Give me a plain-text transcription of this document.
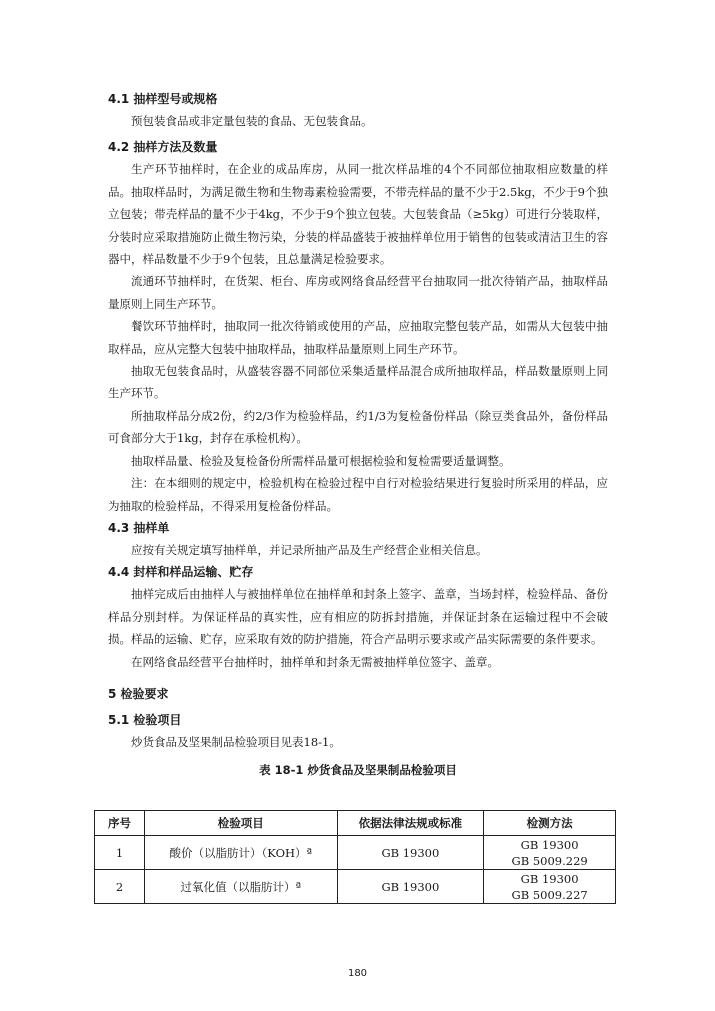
4.1 抽样型号或规格

预包装食品或非定量包装的食品、无包装食品。

4.2 抽样方法及数量

生产环节抽样时，在企业的成品库房，从同一批次样品堆的4个不同部位抽取相应数量的样品。抽取样品时，为满足微生物和生物毒素检验需要，不带壳样品的量不少于2.5kg，不少于9个独立包装；带壳样品的量不少于4kg，不少于9个独立包装。大包装食品（≥5kg）可进行分装取样，分装时应采取措施防止微生物污染，分装的样品盛装于被抽样单位用于销售的包装或清洁卫生的容器中，样品数量不少于9个包装，且总量满足检验要求。

流通环节抽样时，在货架、柜台、库房或网络食品经营平台抽取同一批次待销产品，抽取样品量原则上同生产环节。

餐饮环节抽样时，抽取同一批次待销或使用的产品，应抽取完整包装产品，如需从大包装中抽取样品，应从完整大包装中抽取样品，抽取样品量原则上同生产环节。

抽取无包装食品时，从盛装容器不同部位采集适量样品混合成所抽取样品，样品数量原则上同生产环节。

所抽取样品分成2份，约2/3作为检验样品，约1/3为复检备份样品（除豆类食品外，备份样品可食部分大于1kg，封存在承检机构）。

抽取样品量、检验及复检备份所需样品量可根据检验和复检需要适量调整。

注：在本细则的规定中，检验机构在检验过程中自行对检验结果进行复验时所采用的样品，应为抽取的检验样品，不得采用复检备份样品。

4.3 抽样单

应按有关规定填写抽样单，并记录所抽产品及生产经营企业相关信息。

4.4 封样和样品运输、贮存

抽样完成后由抽样人与被抽样单位在抽样单和封条上签字、盖章，当场封样，检验样品、备份样品分别封样。为保证样品的真实性，应有相应的防拆封措施，并保证封条在运输过程中不会破损。样品的运输、贮存，应采取有效的防护措施，符合产品明示要求或产品实际需要的条件要求。

在网络食品经营平台抽样时，抽样单和封条无需被抽样单位签字、盖章。

5 检验要求
5.1 检验项目

炒货食品及坚果制品检验项目见表18-1。

表 18-1 炒货食品及坚果制品检验项目
序号	检验项目	依据法律法规或标准	检测方法
1	酸价（以脂肪计）（KOH）ª	GB 19300	GB 19300
GB 5009.229

2	过氧化值（以脂肪计）ª	GB 19300	GB 19300
GB 5009.227
180
